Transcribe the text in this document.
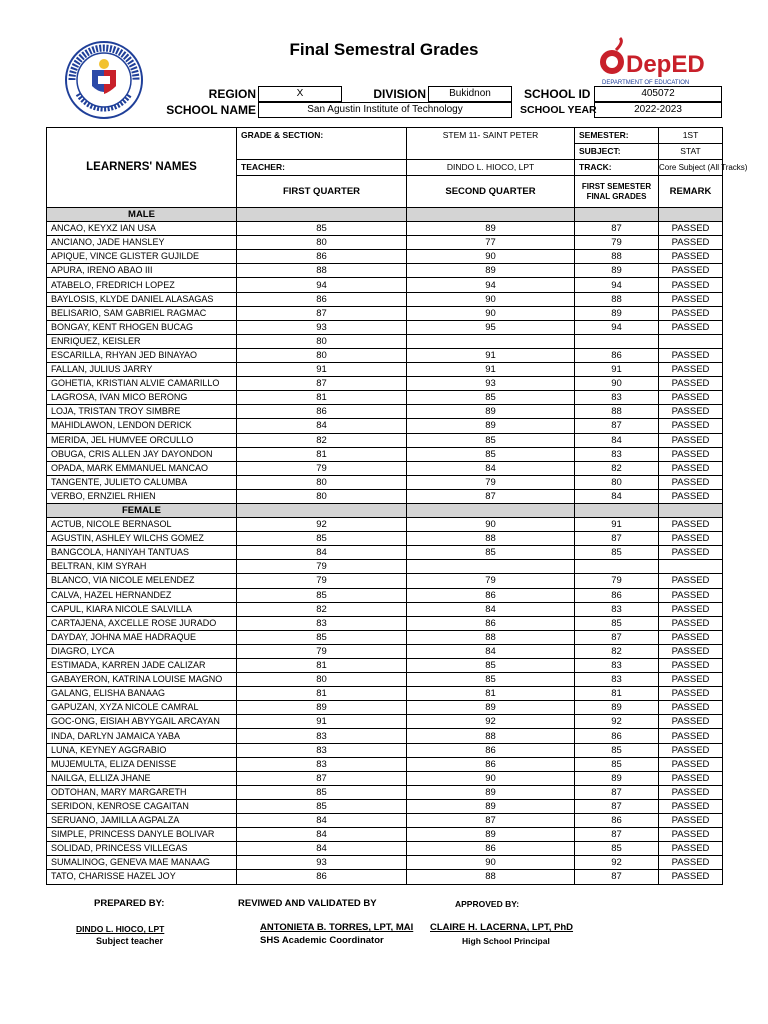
Final Semestral Grades
DepED
DEPARTMENT OF EDUCATION
REGION	X	DIVISION	Bukidnon	SCHOOL ID	405072
SCHOOL NAME	San Agustin Institute of Technology	SCHOOL YEAR	2022-2023
LEARNERS' NAMES	GRADE & SECTION:	STEM 11- SAINT PETER	SEMESTER:	1ST
			SUBJECT:	STAT
	TEACHER:	DINDO L. HIOCO, LPT	TRACK:	Core Subject (All Tracks)
	FIRST QUARTER	SECOND QUARTER	FIRST SEMESTER FINAL GRADES	REMARK
MALE				
ANCAO, KEYXZ IAN USA	85	89	87	PASSED
ANCIANO, JADE HANSLEY	80	77	79	PASSED
APIQUE, VINCE GLISTER GUJILDE	86	90	88	PASSED
APURA, IRENO ABAO III	88	89	89	PASSED
ATABELO, FREDRICH LOPEZ	94	94	94	PASSED
BAYLOSIS, KLYDE DANIEL ALASAGAS	86	90	88	PASSED
BELISARIO, SAM GABRIEL RAGMAC	87	90	89	PASSED
BONGAY, KENT RHOGEN BUCAG	93	95	94	PASSED
ENRIQUEZ, KEISLER	80			
ESCARILLA, RHYAN JED BINAYAO	80	91	86	PASSED
FALLAN, JULIUS JARRY	91	91	91	PASSED
GOHETIA, KRISTIAN ALVIE CAMARILLO	87	93	90	PASSED
LAGROSA, IVAN MICO BERONG	81	85	83	PASSED
LOJA, TRISTAN TROY SIMBRE	86	89	88	PASSED
MAHIDLAWON, LENDON DERICK	84	89	87	PASSED
MERIDA, JEL HUMVEE ORCULLO	82	85	84	PASSED
OBUGA, CRIS ALLEN JAY DAYONDON	81	85	83	PASSED
OPADA, MARK EMMANUEL MANCAO	79	84	82	PASSED
TANGENTE, JULIETO CALUMBA	80	79	80	PASSED
VERBO, ERNZIEL RHIEN	80	87	84	PASSED
FEMALE				
ACTUB, NICOLE BERNASOL	92	90	91	PASSED
AGUSTIN, ASHLEY WILCHS GOMEZ	85	88	87	PASSED
BANGCOLA, HANIYAH TANTUAS	84	85	85	PASSED
BELTRAN, KIM SYRAH	79			
BLANCO, VIA NICOLE MELENDEZ	79	79	79	PASSED
CALVA, HAZEL HERNANDEZ	85	86	86	PASSED
CAPUL, KIARA NICOLE SALVILLA	82	84	83	PASSED
CARTAJENA, AXCELLE ROSE JURADO	83	86	85	PASSED
DAYDAY, JOHNA MAE HADRAQUE	85	88	87	PASSED
DIAGRO, LYCA	79	84	82	PASSED
ESTIMADA, KARREN JADE CALIZAR	81	85	83	PASSED
GABAYERON, KATRINA LOUISE MAGNO	80	85	83	PASSED
GALANG, ELISHA BANAAG	81	81	81	PASSED
GAPUZAN, XYZA NICOLE CAMRAL	89	89	89	PASSED
GOC-ONG, EISIAH ABYYGAIL ARCAYAN	91	92	92	PASSED
INDA, DARLYN JAMAICA YABA	83	88	86	PASSED
LUNA, KEYNEY AGGRABIO	83	86	85	PASSED
MUJEMULTA, ELIZA DENISSE	83	86	85	PASSED
NAILGA, ELLIZA JHANE	87	90	89	PASSED
ODTOHAN, MARY MARGARETH	85	89	87	PASSED
SERIDON, KENROSE CAGAITAN	85	89	87	PASSED
SERUANO, JAMILLA AGPALZA	84	87	86	PASSED
SIMPLE, PRINCESS DANYLE BOLIVAR	84	89	87	PASSED
SOLIDAD, PRINCESS VILLEGAS	84	86	85	PASSED
SUMALINOG, GENEVA MAE MANAAG	93	90	92	PASSED
TATO, CHARISSE HAZEL JOY	86	88	87	PASSED
PREPARED BY:	REVIWED AND VALIDATED BY	APPROVED BY:
DINDO L. HIOCO, LPT
Subject teacher
ANTONIETA B. TORRES, LPT, MAI
SHS Academic Coordinator
CLAIRE H. LACERNA, LPT, PhD
High School Principal
